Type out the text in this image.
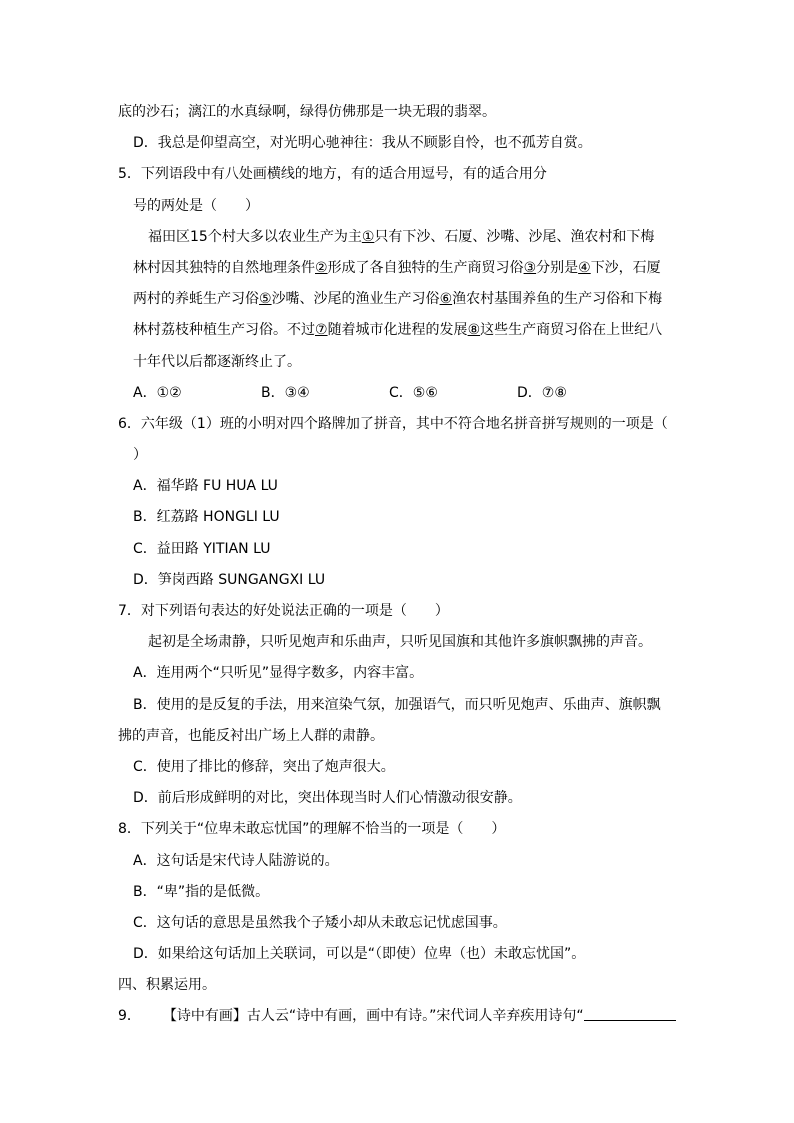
底的沙石；漓江的水真绿啊，绿得仿佛那是一块无瑕的翡翠。
D．我总是仰望高空，对光明心驰神往：我从不顾影自怜，也不孤芳自赏。
5．下列语段中有八处画横线的地方，有的适合用逗号，有的适合用分
号的两处是（　　）
福田区15个村大多以农业生产为主①只有下沙、石厦、沙嘴、沙尾、渔农村和下梅
林村因其独特的自然地理条件②形成了各自独特的生产商贸习俗③分别是④下沙，石厦
两村的养蚝生产习俗⑤沙嘴、沙尾的渔业生产习俗⑥渔农村基围养鱼的生产习俗和下梅
林村荔枝种植生产习俗。不过⑦随着城市化进程的发展⑧这些生产商贸习俗在上世纪八
十年代以后都逐渐终止了。
A．①②	B．③④	C．⑤⑥	D．⑦⑧
6．六年级（1）班的小明对四个路牌加了拼音，其中不符合地名拼音拼写规则的一项是（
）
A．福华路 FU HUA LU
B．红荔路 HONGLI LU
C．益田路 YITIAN LU
D．笋岗西路 SUNGANGXI LU
7．对下列语句表达的好处说法正确的一项是（　　）
起初是全场肃静，只听见炮声和乐曲声，只听见国旗和其他许多旗帜飘拂的声音。
A．连用两个“只听见”显得字数多，内容丰富。
B．使用的是反复的手法，用来渲染气氛，加强语气，而只听见炮声、乐曲声、旗帜飘
拂的声音，也能反衬出广场上人群的肃静。
C．使用了排比的修辞，突出了炮声很大。
D．前后形成鲜明的对比，突出体现当时人们心情激动很安静。
8．下列关于“位卑未敢忘忧国”的理解不恰当的一项是（　　）
A．这句话是宋代诗人陆游说的。
B．“卑”指的是低微。
C．这句话的意思是虽然我个子矮小却从未敢忘记忧虑国事。
D．如果给这句话加上关联词，可以是“（即使）位卑（也）未敢忘忧国”。
四、积累运用。
9． 【诗中有画】古人云“诗中有画，画中有诗。”宋代词人辛弃疾用诗句“
